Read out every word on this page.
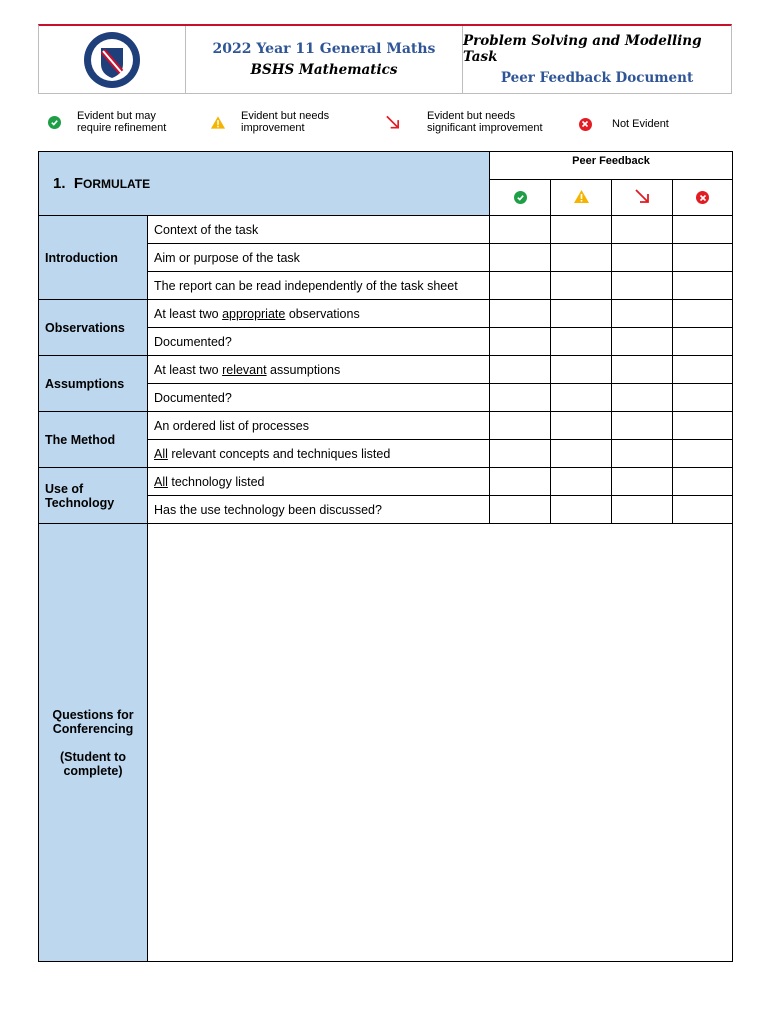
2022 Year 11 General Maths
BSHS Mathematics
Problem Solving and Modelling Task
Peer Feedback Document
Evident but may
require refinement
Evident but needs
improvement
Evident but needs
significant improvement	Not Evident
1. FORMULATE		Peer Feedback			

Introduction	Context of the task				
	Aim or purpose of the task				
	The report can be read independently of the task sheet				
Observations	At least two appropriate observations				
	Documented?				
Assumptions	At least two relevant assumptions				
	Documented?				
The Method	An ordered list of processes				
	All relevant concepts and techniques listed				

Use of
Technology	All technology listed				
	Has the use technology been discussed?				

Questions for
Conferencing
(Student to
complete)					
